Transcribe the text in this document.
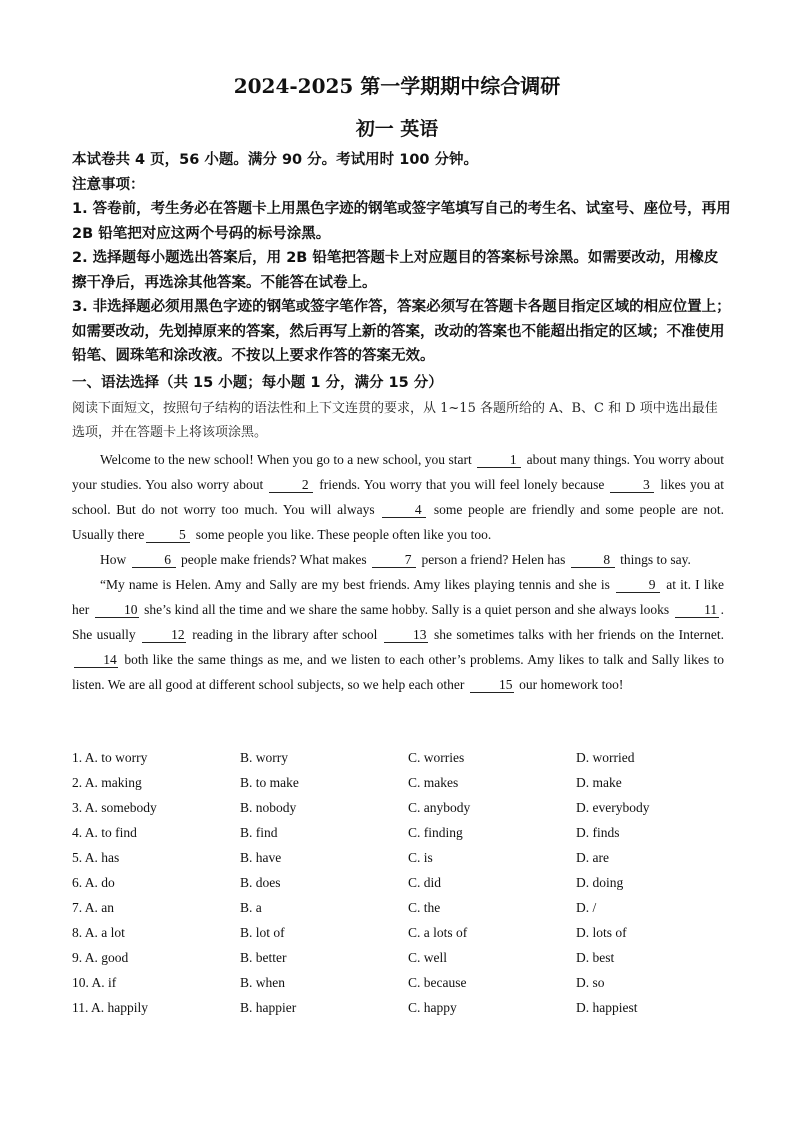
2024-2025 第一学期期中综合调研
初一 英语
本试卷共 4 页，56 小题。满分 90 分。考试用时 100 分钟。
注意事项：
1. 答卷前，考生务必在答题卡上用黑色字迹的钢笔或签字笔填写自己的考生名、试室号、座位号，再用 2B 铅笔把对应这两个号码的标号涂黑。
2. 选择题每小题选出答案后，用 2B 铅笔把答题卡上对应题目的答案标号涂黑。如需要改动，用橡皮擦干净后，再选涂其他答案。不能答在试卷上。
3. 非选择题必须用黑色字迹的钢笔或签字笔作答，答案必须写在答题卡各题目指定区域的相应位置上；如需要改动，先划掉原来的答案，然后再写上新的答案，改动的答案也不能超出指定的区域；不准使用铅笔、圆珠笔和涂改液。不按以上要求作答的答案无效。
一、语法选择（共 15 小题；每小题 1 分，满分 15 分）
阅读下面短文，按照句子结构的语法性和上下文连贯的要求，从 1~15 各题所给的 A、B、C 和 D 项中选出最佳选项，并在答题卡上将该项涂黑。

Welcome to the new school! When you go to a new school, you start	1 about many things. You worry about your studies. You also worry about	2 friends. You worry that you will feel lonely because	3 likes you at school. But do not worry too much. You will always	4 some people are friendly and some people are not. Usually there	5 some people you like. These people often like you too.

How	6 people make friends? What makes	7 person a friend? Helen has	8 things to say.

“My name is Helen. Amy and Sally are my best friends. Amy likes playing tennis and she is	9 at it. I like her 10 she’s kind all the time and we share the same hobby. Sally is a quiet person and she always looks 11 . She usually 12 reading in the library after school 13 she sometimes talks with her friends on the Internet. 14 both like the same things as me, and we listen to each other’s problems. Amy likes to talk and Sally likes to listen. We are all good at different school subjects, so we help each other 15 our homework too!

1. A. to worry	B. worry	C. worries	D. worried
2. A. making	B. to make	C. makes	D. make
3. A. somebody	B. nobody	C. anybody	D. everybody
4. A. to find	B. find	C. finding	D. finds
5. A. has	B. have	C. is	D. are
6. A. do	B. does	C. did	D. doing
7. A. an	B. a	C. the	D. /
8. A. a lot	B. lot of	C. a lots of	D. lots of
9. A. good	B. better	C. well	D. best
10. A. if	B. when	C. because	D. so
11. A. happily	B. happier	C. happy	D. happiest
